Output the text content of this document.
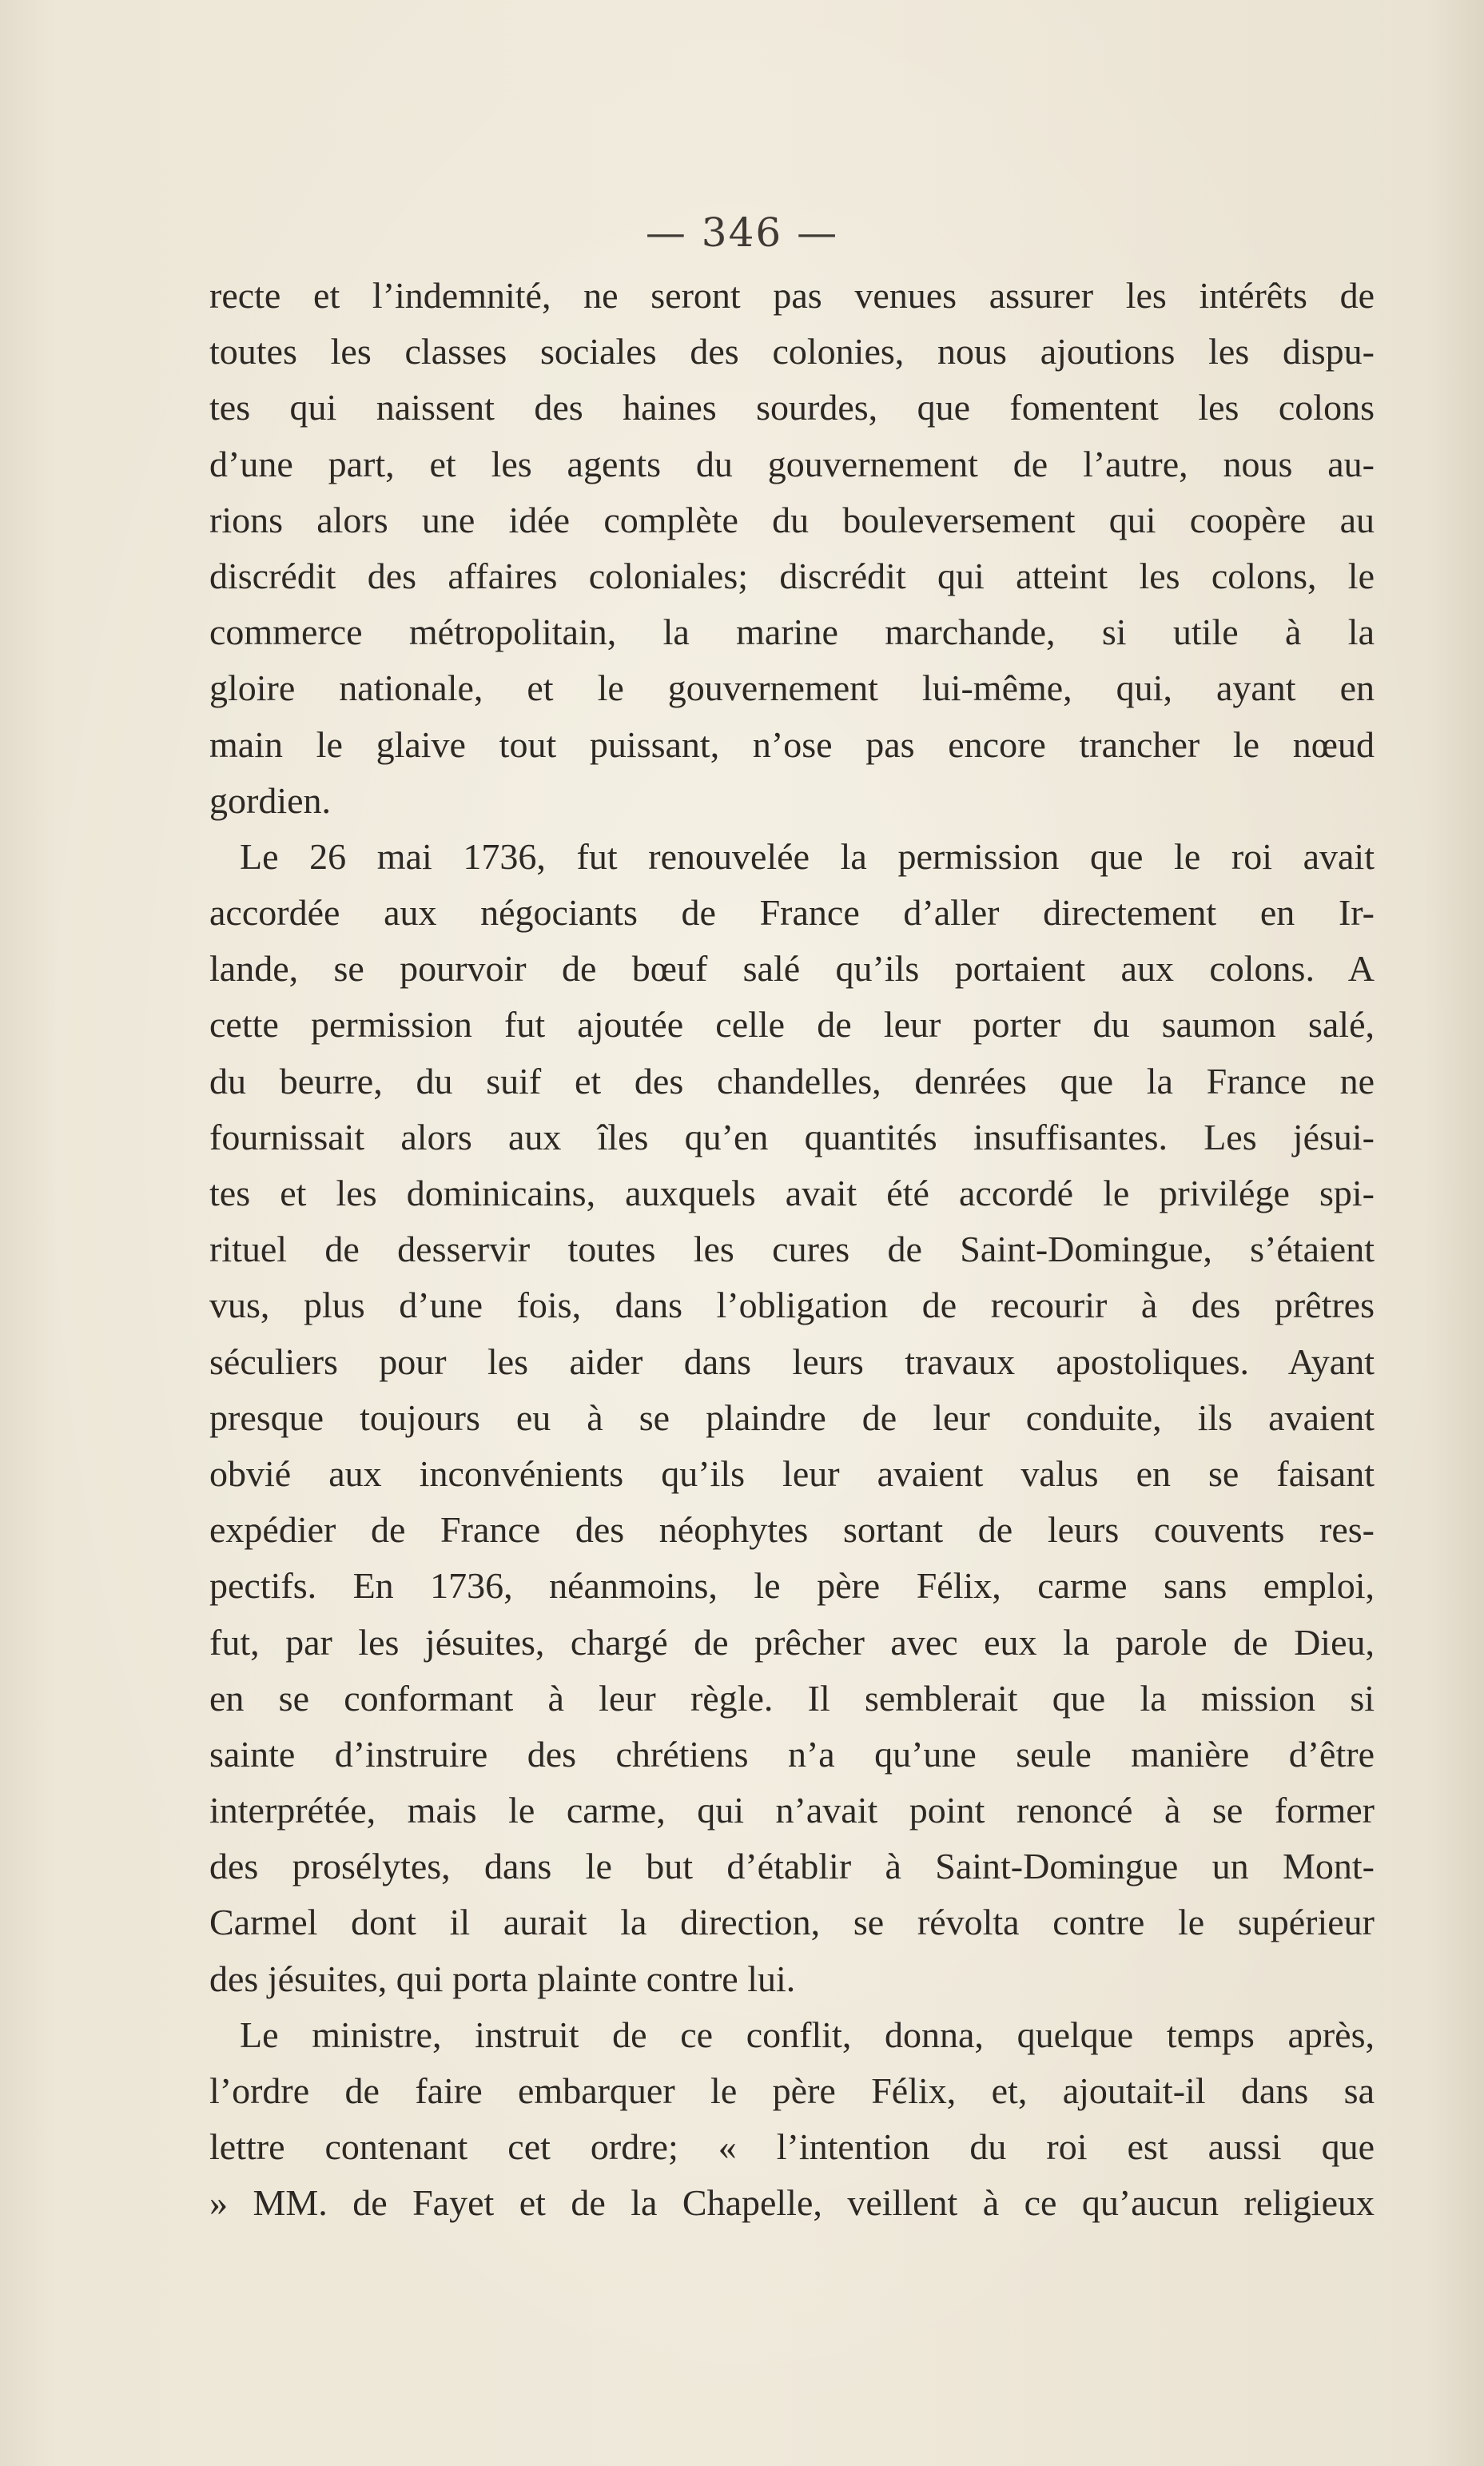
— 346 —
recte et l’indemnité, ne seront pas venues assurer les intérêts de
toutes les classes sociales des colonies, nous ajoutions les dispu-
tes qui naissent des haines sourdes, que fomentent les colons
d’une part, et les agents du gouvernement de l’autre, nous au-
rions alors une idée complète du bouleversement qui coopère au
discrédit des affaires coloniales; discrédit qui atteint les colons, le
commerce métropolitain, la marine marchande, si utile à la
gloire nationale, et le gouvernement lui-même, qui, ayant en
main le glaive tout puissant, n’ose pas encore trancher le nœud
gordien.
Le 26 mai 1736, fut renouvelée la permission que le roi avait
accordée aux négociants de France d’aller directement en Ir-
lande, se pourvoir de bœuf salé qu’ils portaient aux colons. A
cette permission fut ajoutée celle de leur porter du saumon salé,
du beurre, du suif et des chandelles, denrées que la France ne
fournissait alors aux îles qu’en quantités insuffisantes. Les jésui-
tes et les dominicains, auxquels avait été accordé le privilége spi-
rituel de desservir toutes les cures de Saint-Domingue, s’étaient
vus, plus d’une fois, dans l’obligation de recourir à des prêtres
séculiers pour les aider dans leurs travaux apostoliques. Ayant
presque toujours eu à se plaindre de leur conduite, ils avaient
obvié aux inconvénients qu’ils leur avaient valus en se faisant
expédier de France des néophytes sortant de leurs couvents res-
pectifs. En 1736, néanmoins, le père Félix, carme sans emploi,
fut, par les jésuites, chargé de prêcher avec eux la parole de Dieu,
en se conformant à leur règle. Il semblerait que la mission si
sainte d’instruire des chrétiens n’a qu’une seule manière d’être
interprétée, mais le carme, qui n’avait point renoncé à se former
des prosélytes, dans le but d’établir à Saint-Domingue un Mont-
Carmel dont il aurait la direction, se révolta contre le supérieur
des jésuites, qui porta plainte contre lui.
Le ministre, instruit de ce conflit, donna, quelque temps après,
l’ordre de faire embarquer le père Félix, et, ajoutait-il dans sa
lettre contenant cet ordre; « l’intention du roi est aussi que
» MM. de Fayet et de la Chapelle, veillent à ce qu’aucun religieux
